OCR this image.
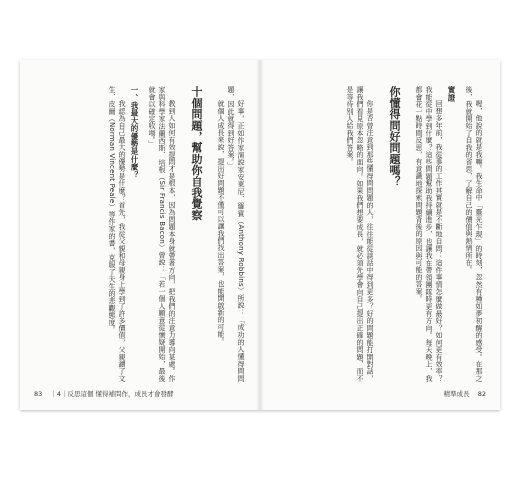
好事，正如作家演說家安東尼．羅賓（Anthony Robbins）所說：「成功的人懂得問問題，因此就得到好答案。」
就個人成長來說，提出好問題不僅可以讓我們找出答案，也能開啟新的可能。
十個問題，幫助你自我覺察
教到人如何有效提問才是根本，因為問題本身就帶著方向，把我們的注意力導向某處。作家與科學家法蘭西斯．培根（Sir Francis Bacon）曾說：「若一個人願意從懷疑開始，最後就會以確定收場。」
一、我最大的優勢是什麼？
我認為自己最大的優勢是什麼？首先，我從父親和母親身上學到了許多價值，父親讀了文生．皮爾（Norman Vincent Peale）等作家的書，克服了天生的悲觀態度。
83 ｜4｜反思這個 懂得補問作，成長才會發酵
喔，他說的就是我嘛。我生命中「靈光乍現」的時刻，忽然有種如夢初醒的感受。在那之後，我就開始了自我的省思，了解自己的價值與熱情所在。
實證
回想多年前，我從事的工作其實就是不斷地自問：這件事情怎麼做最好？如何更有效率？我能從中學到什麼？這些問題幫助我持續進步，也讓我在帶領團隊時更有方向。每天晚上，我都會花一點時間反思，有意識地探索問題背後的原因與可能的答案。
你懂得問好問題嗎？
你是否曾注意到那些懂得問問題的人，往往能從談話中得到更多？好的問題能打開對話，讓我們看見原本忽略的面向。如果我們想要成長，就必須先學會向自己提出正確的問題，而不是等待別人給我們答案。
精準成長 82
